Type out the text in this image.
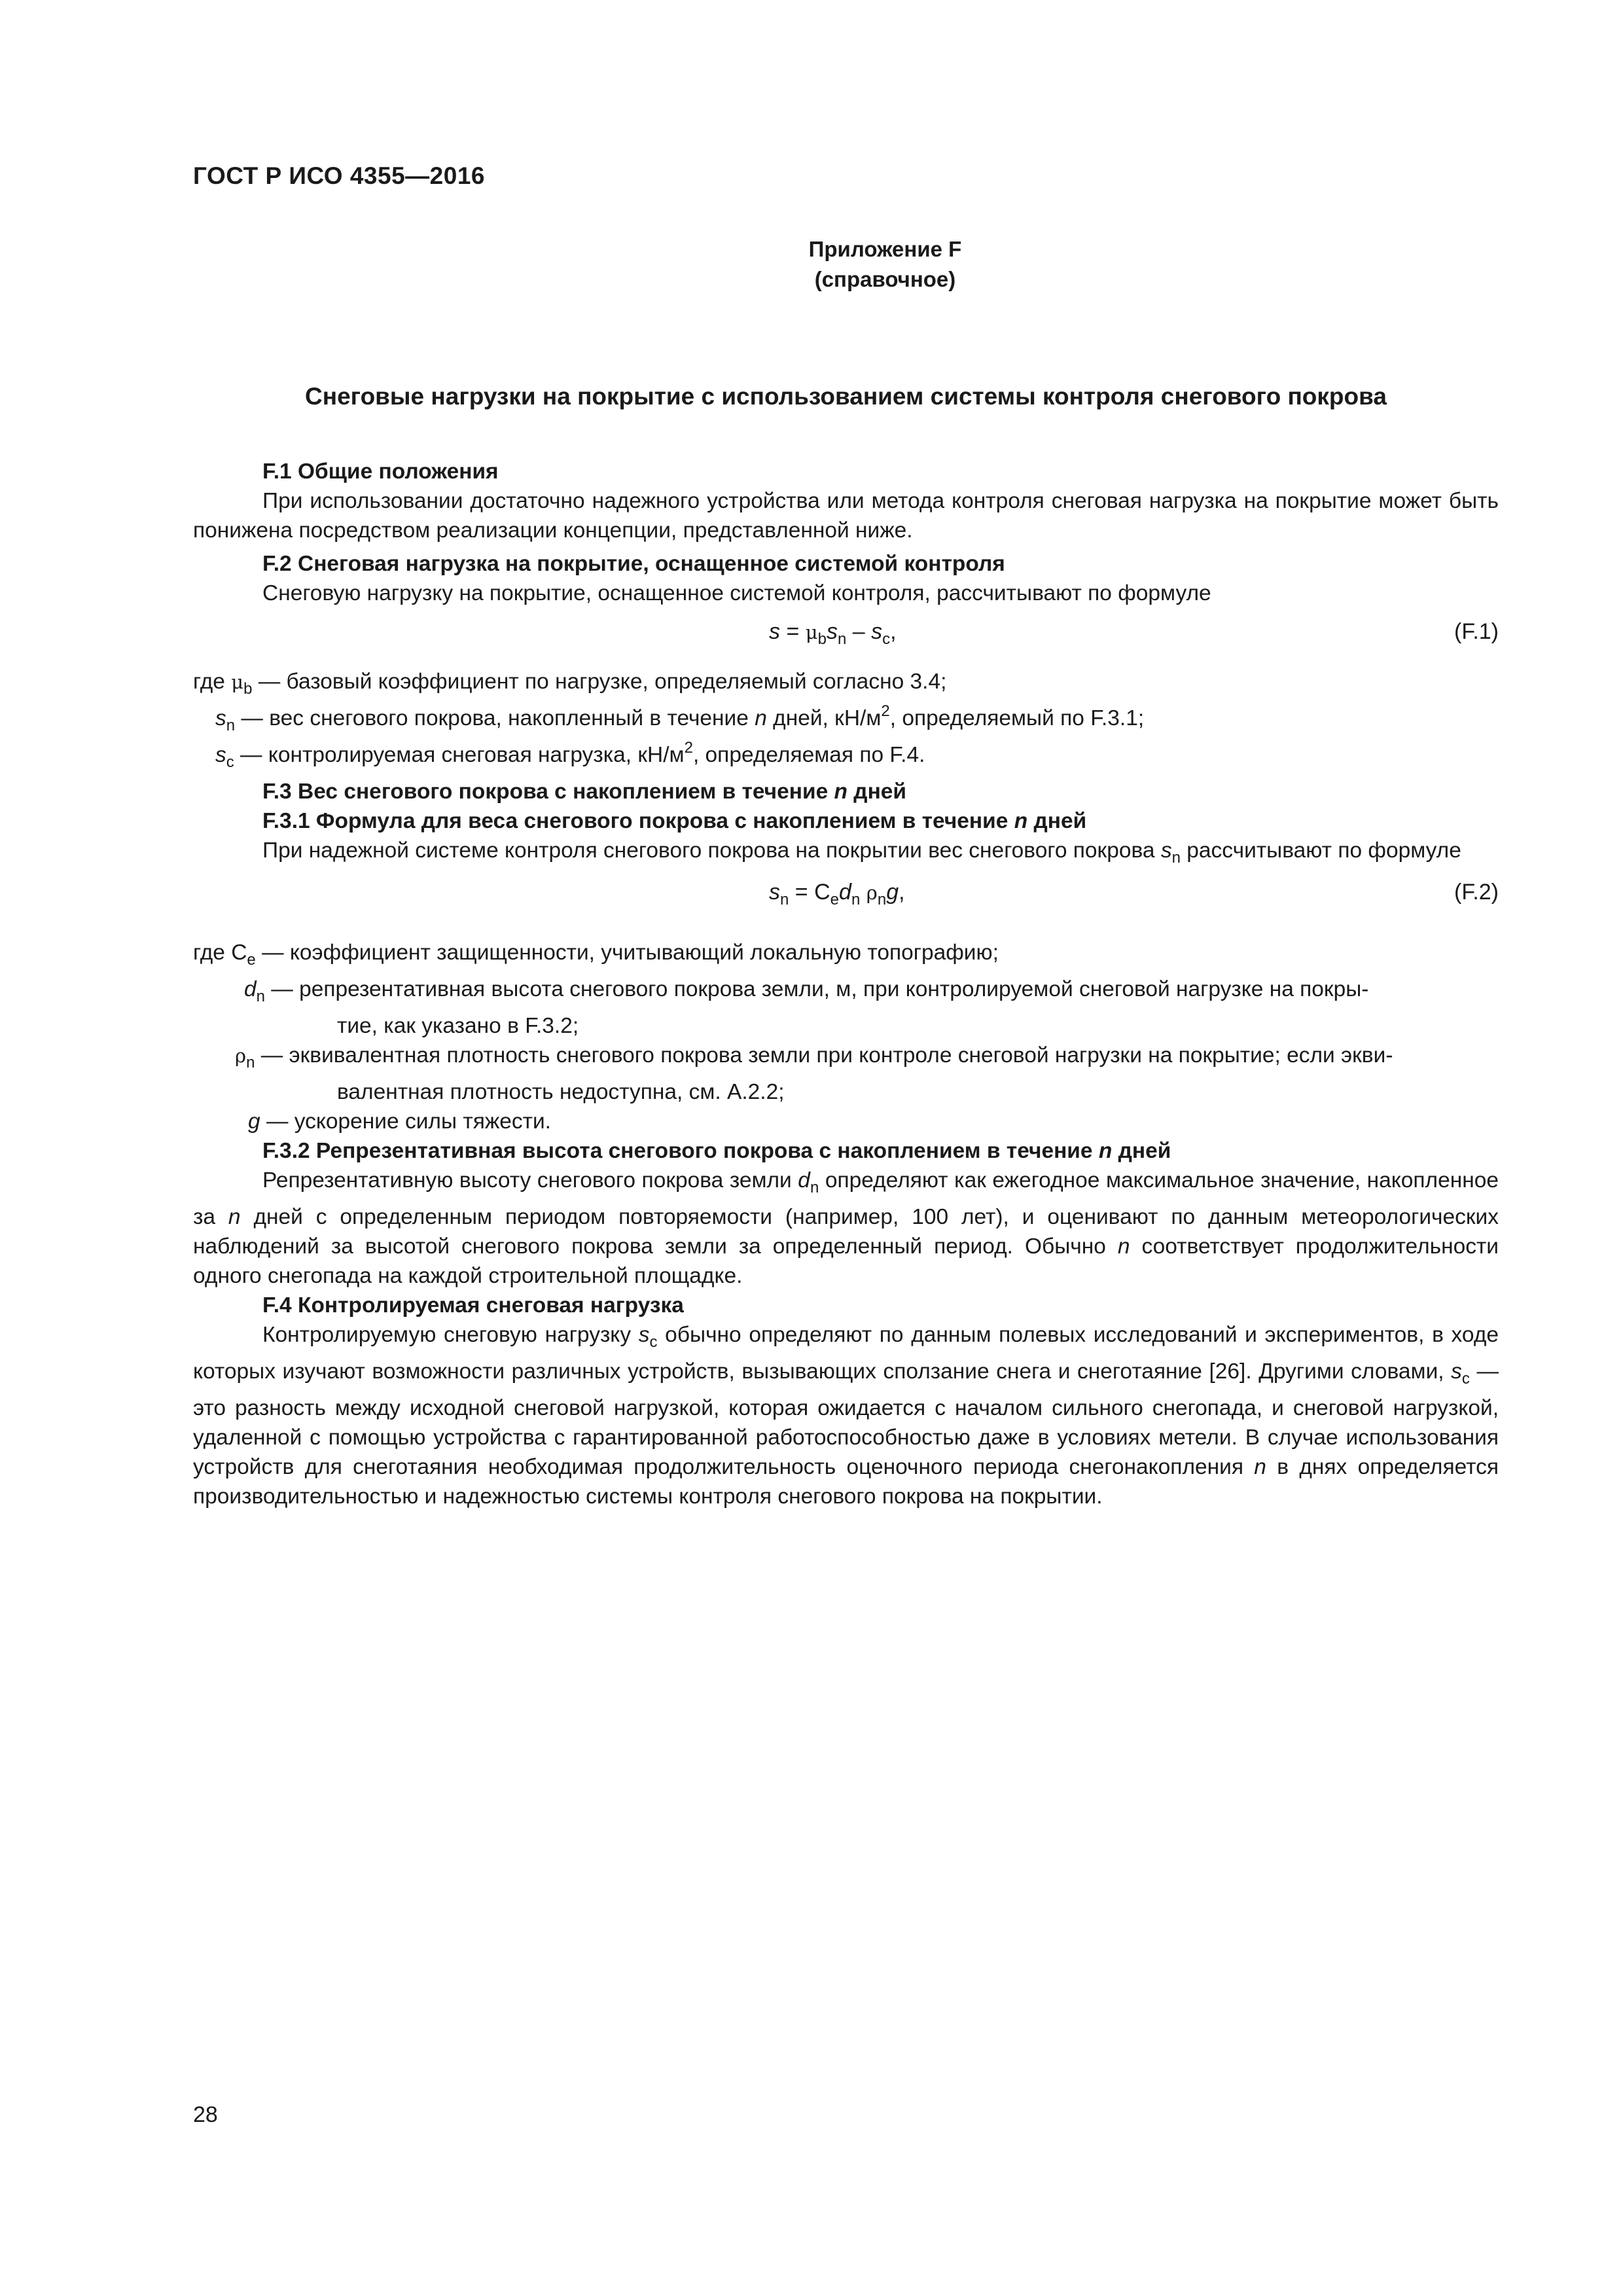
ГОСТ Р ИСО 4355—2016
Приложение F
(справочное)
Снеговые нагрузки на покрытие с использованием системы контроля снегового покрова

F.1 Общие положения

При использовании достаточно надежного устройства или метода контроля снеговая нагрузка на покрытие может быть понижена посредством реализации концепции, представленной ниже.

F.2 Снеговая нагрузка на покрытие, оснащенное системой контроля

Снеговую нагрузку на покрытие, оснащенное системой контроля, рассчитывают по формуле

$s = \mu_bs_n - s_c$,	(F.1)

где $\mu_b$ — базовый коэффициент по нагрузке, определяемый согласно 3.4;

$s_n$ — вес снегового покрова, накопленный в течение n дней, $кН/м^2$, определяемый по F.3.1;

$s_c$ — контролируемая снеговая нагрузка, $кН/м^2$, определяемая по F.4.

F.3 Вес снегового покрова с накоплением в течение n дней

F.3.1 Формула для веса снегового покрова с накоплением в течение n дней

При надежной системе контроля снегового покрова на покрытии вес снегового покрова $s_n$ рассчитывают по формуле

$s_n = C_ed_n$ $\rho_ng$,	(F.2)

где $C_e$ — коэффициент защищенности, учитывающий локальную топографию;

$d_n$ — репрезентативная высота снегового покрова земли, м, при контролируемой снеговой нагрузке на покры-

тие, как указано в F.3.2;

$\rho_n$ — эквивалентная плотность снегового покрова земли при контроле снеговой нагрузки на покрытие; если экви-

валентная плотность недоступна, см. А.2.2;

g — ускорение силы тяжести.

F.3.2 Репрезентативная высота снегового покрова с накоплением в течение n дней

Репрезентативную высоту снегового покрова земли $d_n$ определяют как ежегодное максимальное значение, накопленное за n дней с определенным периодом повторяемости (например, 100 лет), и оценивают по данным метеорологических наблюдений за высотой снегового покрова земли за определенный период. Обычно n соответствует продолжительности одного снегопада на каждой строительной площадке.

F.4 Контролируемая снеговая нагрузка

Контролируемую снеговую нагрузку $s_c$ обычно определяют по данным полевых исследований и экспериментов, в ходе которых изучают возможности различных устройств, вызывающих сползание снега и снеготаяние [26]. Другими словами, $s_c$ — это разность между исходной снеговой нагрузкой, которая ожидается с началом сильного снегопада, и снеговой нагрузкой, удаленной с помощью устройства с гарантированной работоспособностью даже в условиях метели. В случае использования устройств для снеготаяния необходимая продолжительность оценочного периода снегонакопления n в днях определяется производительностью и надежностью системы контроля снегового покрова на покрытии.

28
